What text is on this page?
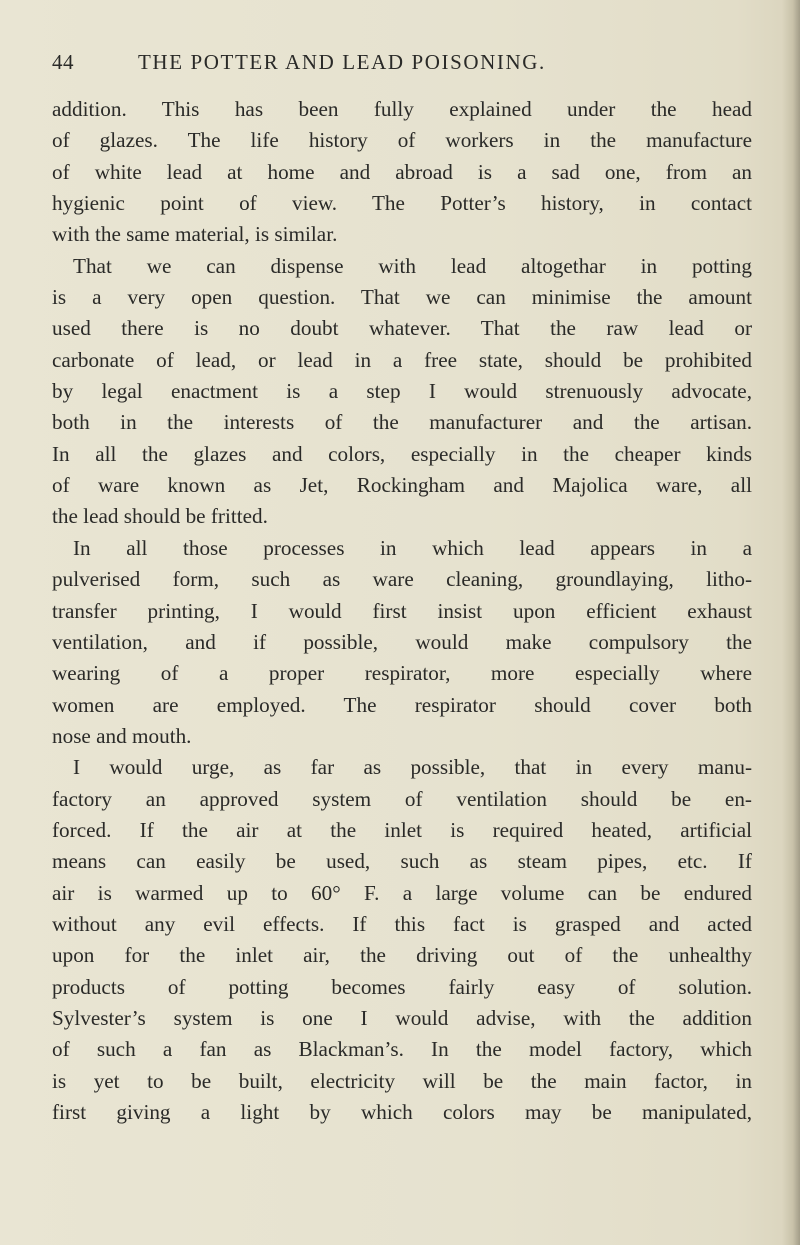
44	THE POTTER AND LEAD POISONING.
addition. This has been fully explained under the head
of glazes. The life history of workers in the manufacture
of white lead at home and abroad is a sad one, from an
hygienic point of view. The Potter’s history, in contact
with the same material, is similar.
That we can dispense with lead altogethar in potting
is a very open question. That we can minimise the amount
used there is no doubt whatever. That the raw lead or
carbonate of lead, or lead in a free state, should be prohibited
by legal enactment is a step I would strenuously advocate,
both in the interests of the manufacturer and the artisan.
In all the glazes and colors, especially in the cheaper kinds
of ware known as Jet, Rockingham and Majolica ware, all
the lead should be fritted.
In all those processes in which lead appears in a
pulverised form, such as ware cleaning, groundlaying, litho-
transfer printing, I would first insist upon efficient exhaust
ventilation, and if possible, would make compulsory the
wearing of a proper respirator, more especially where
women are employed. The respirator should cover both
nose and mouth.
I would urge, as far as possible, that in every manu-
factory an approved system of ventilation should be en-
forced. If the air at the inlet is required heated, artificial
means can easily be used, such as steam pipes, etc. If
air is warmed up to 60° F. a large volume can be endured
without any evil effects. If this fact is grasped and acted
upon for the inlet air, the driving out of the unhealthy
products of potting becomes fairly easy of solution.
Sylvester’s system is one I would advise, with the addition
of such a fan as Blackman’s. In the model factory, which
is yet to be built, electricity will be the main factor, in
first giving a light by which colors may be manipulated,
